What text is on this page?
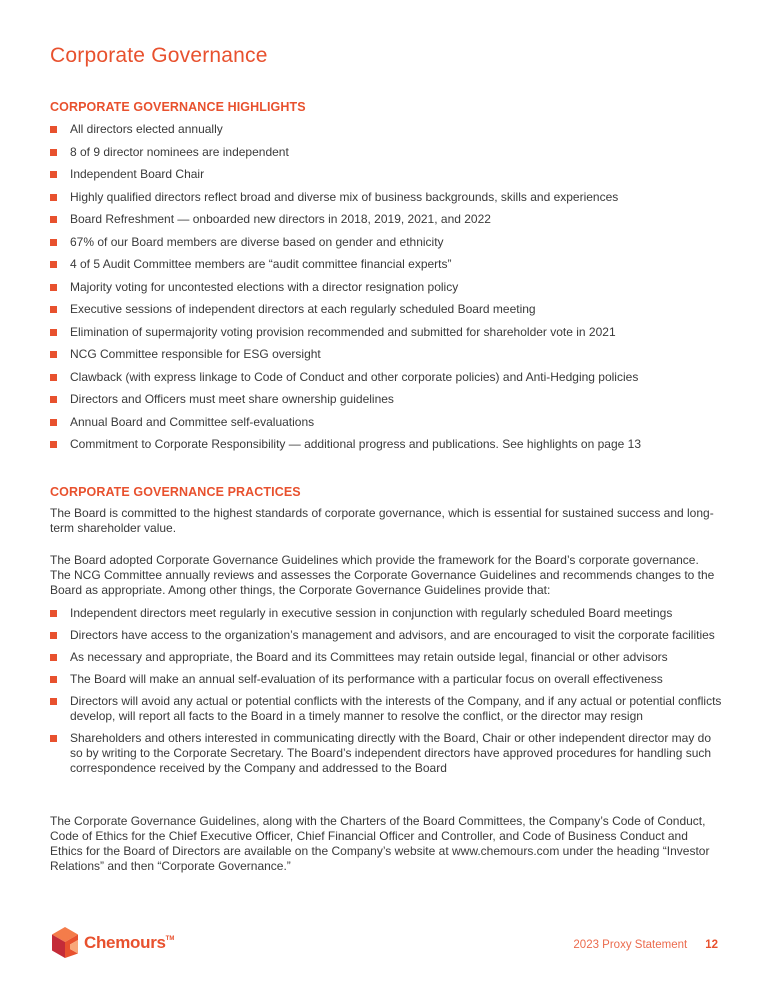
Corporate Governance
CORPORATE GOVERNANCE HIGHLIGHTS
All directors elected annually
8 of 9 director nominees are independent
Independent Board Chair
Highly qualified directors reflect broad and diverse mix of business backgrounds, skills and experiences
Board Refreshment — onboarded new directors in 2018, 2019, 2021, and 2022
67% of our Board members are diverse based on gender and ethnicity
4 of 5 Audit Committee members are “audit committee financial experts”
Majority voting for uncontested elections with a director resignation policy
Executive sessions of independent directors at each regularly scheduled Board meeting
Elimination of supermajority voting provision recommended and submitted for shareholder vote in 2021
NCG Committee responsible for ESG oversight
Clawback (with express linkage to Code of Conduct and other corporate policies) and Anti-Hedging policies
Directors and Officers must meet share ownership guidelines
Annual Board and Committee self-evaluations
Commitment to Corporate Responsibility — additional progress and publications. See highlights on page 13
CORPORATE GOVERNANCE PRACTICES

The Board is committed to the highest standards of corporate governance, which is essential for sustained success and long-term shareholder value.

The Board adopted Corporate Governance Guidelines which provide the framework for the Board’s corporate governance. The NCG Committee annually reviews and assesses the Corporate Governance Guidelines and recommends changes to the Board as appropriate. Among other things, the Corporate Governance Guidelines provide that:

Independent directors meet regularly in executive session in conjunction with regularly scheduled Board meetings
Directors have access to the organization’s management and advisors, and are encouraged to visit the corporate facilities
As necessary and appropriate, the Board and its Committees may retain outside legal, financial or other advisors
The Board will make an annual self-evaluation of its performance with a particular focus on overall effectiveness
Directors will avoid any actual or potential conflicts with the interests of the Company, and if any actual or potential conflicts develop, will report all facts to the Board in a timely manner to resolve the conflict, or the director may resign
Shareholders and others interested in communicating directly with the Board, Chair or other independent director may do so by writing to the Corporate Secretary. The Board’s independent directors have approved procedures for handling such correspondence received by the Company and addressed to the Board

The Corporate Governance Guidelines, along with the Charters of the Board Committees, the Company’s Code of Conduct, Code of Ethics for the Chief Executive Officer, Chief Financial Officer and Controller, and Code of Business Conduct and Ethics for the Board of Directors are available on the Company’s website at www.chemours.com under the heading “Investor Relations” and then “Corporate Governance.”

Chemours TM	2023 Proxy Statement 12
